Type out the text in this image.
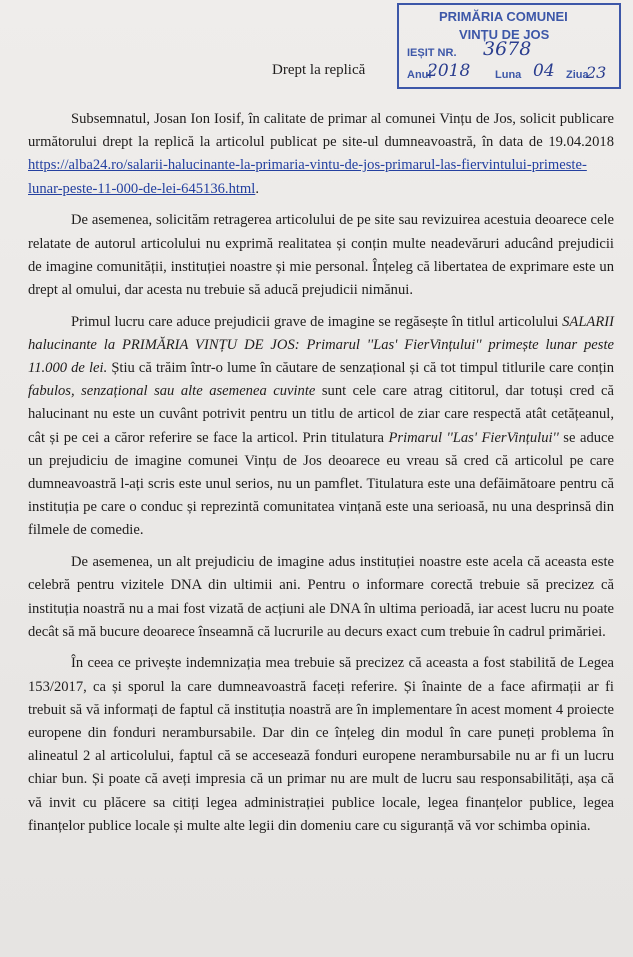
PRIMĂRIA COMUNEI
VINȚU DE JOS
IEȘIT NR.
Anul	Luna	Ziua
3678
2018	04 23
Drept la replică

Subsemnatul, Josan Ion Iosif, în calitate de primar al comunei Vințu de Jos, solicit publicare următorului drept la replică la articolul publicat pe site-ul dumneavoastră, în data de 19.04.2018 https://alba24.ro/salarii-halucinante-la-primaria-vintu-de-jos-primarul-las-fiervintului-primeste-lunar-peste-11-000-de-lei-645136.html.

De asemenea, solicităm retragerea articolului de pe site sau revizuirea acestuia deoarece cele relatate de autorul articolului nu exprimă realitatea și conțin multe neadevăruri aducând prejudicii de imagine comunității, instituției noastre și mie personal. Înțeleg că libertatea de exprimare este un drept al omului, dar acesta nu trebuie să aducă prejudicii nimănui.

Primul lucru care aduce prejudicii grave de imagine se regăsește în titlul articolului SALARII halucinante la PRIMĂRIA VINȚU DE JOS: Primarul ''Las' FierVințului'' primește lunar peste 11.000 de lei. Știu că trăim într-o lume în căutare de senzațional și că tot timpul titlurile care conțin fabulos, senzațional sau alte asemenea cuvinte sunt cele care atrag cititorul, dar totuși cred că halucinant nu este un cuvânt potrivit pentru un titlu de articol de ziar care respectă atât cetățeanul, cât și pe cei a căror referire se face la articol. Prin titulatura Primarul ''Las' FierVințului'' se aduce un prejudiciu de imagine comunei Vințu de Jos deoarece eu vreau să cred că articolul pe care dumneavoastră l-ați scris este unul serios, nu un pamflet. Titulatura este una defăimătoare pentru că instituția pe care o conduc și reprezintă comunitatea vințană este una serioasă, nu una desprinsă din filmele de comedie.

De asemenea, un alt prejudiciu de imagine adus instituției noastre este acela că aceasta este celebră pentru vizitele DNA din ultimii ani. Pentru o informare corectă trebuie să precizez că instituția noastră nu a mai fost vizată de acțiuni ale DNA în ultima perioadă, iar acest lucru nu poate decât să mă bucure deoarece înseamnă că lucrurile au decurs exact cum trebuie în cadrul primăriei.

În ceea ce privește indemnizația mea trebuie să precizez că aceasta a fost stabilită de Legea 153/2017, ca și sporul la care dumneavoastră faceți referire. Și înainte de a face afirmații ar fi trebuit să vă informați de faptul că instituția noastră are în implementare în acest moment 4 proiecte europene din fonduri nerambursabile. Dar din ce înțeleg din modul în care puneți problema în alineatul 2 al articolului, faptul că se accesează fonduri europene nerambursabile nu ar fi un lucru chiar bun. Și poate că aveți impresia că un primar nu are mult de lucru sau responsabilități, așa că vă invit cu plăcere sa citiți legea administrației publice locale, legea finanțelor publice, legea finanțelor publice locale și multe alte legii din domeniu care cu siguranță vă vor schimba opinia.
